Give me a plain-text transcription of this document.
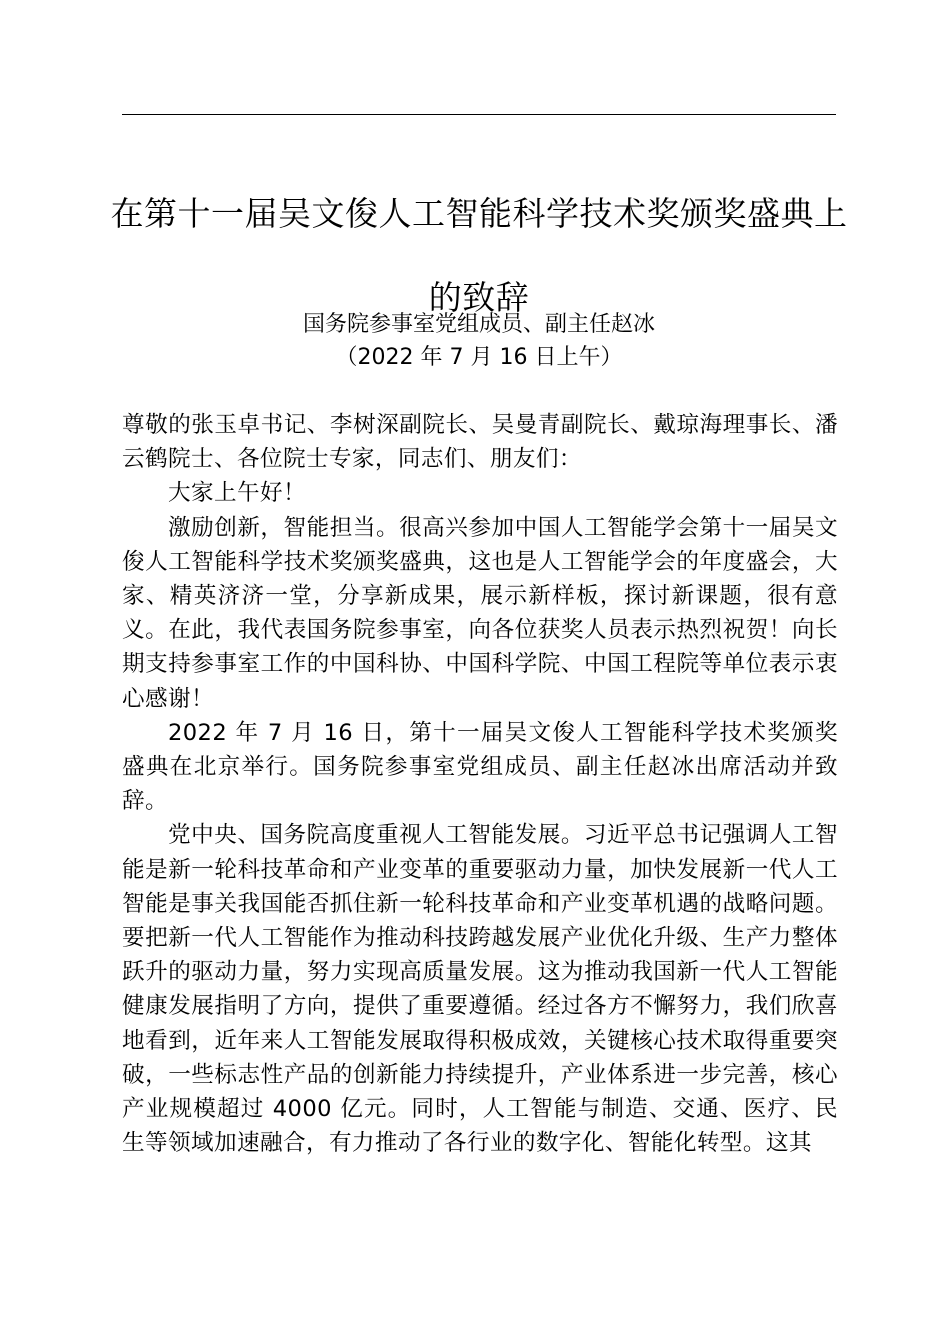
在第十一届吴文俊人工智能科学技术奖颁奖盛典上的致辞
国务院参事室党组成员、副主任赵冰
（2022 年 7 月 16 日上午）

尊敬的张玉卓书记、李树深副院长、吴曼青副院长、戴琼海理事长、潘云鹤院士、各位院士专家，同志们、朋友们：

大家上午好！

激励创新，智能担当。很高兴参加中国人工智能学会第十一届吴文俊人工智能科学技术奖颁奖盛典，这也是人工智能学会的年度盛会，大家、精英济济一堂，分享新成果，展示新样板，探讨新课题，很有意义。在此，我代表国务院参事室，向各位获奖人员表示热烈祝贺！向长期支持参事室工作的中国科协、中国科学院、中国工程院等单位表示衷心感谢！

2022 年 7 月 16 日，第十一届吴文俊人工智能科学技术奖颁奖盛典在北京举行。国务院参事室党组成员、副主任赵冰出席活动并致辞。

党中央、国务院高度重视人工智能发展。习近平总书记强调人工智能是新一轮科技革命和产业变革的重要驱动力量，加快发展新一代人工智能是事关我国能否抓住新一轮科技革命和产业变革机遇的战略问题。要把新一代人工智能作为推动科技跨越发展产业优化升级、生产力整体跃升的驱动力量，努力实现高质量发展。这为推动我国新一代人工智能健康发展指明了方向，提供了重要遵循。经过各方不懈努力，我们欣喜地看到，近年来人工智能发展取得积极成效，关键核心技术取得重要突破，一些标志性产品的创新能力持续提升，产业体系进一步完善，核心产业规模超过 4000 亿元。同时，人工智能与制造、交通、医疗、民生等领域加速融合，有力推动了各行业的数字化、智能化转型。这其
